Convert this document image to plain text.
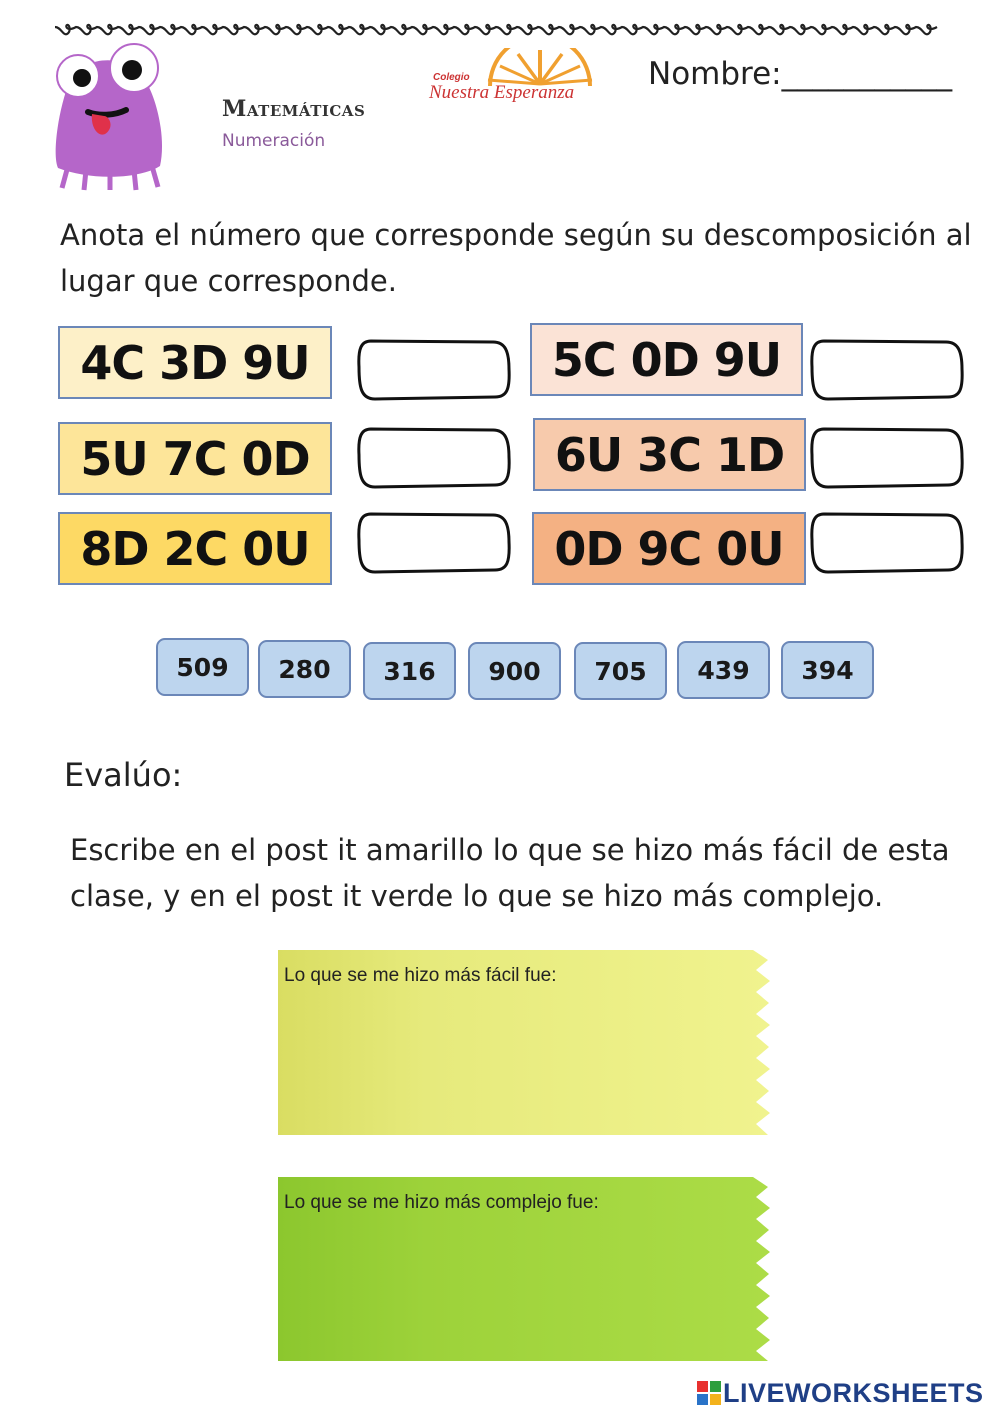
Matemáticas
Numeración
Colegio
Nuestra Esperanza
Nombre:___________
Anota el número que corresponde según su descomposición al lugar que corresponde.
4C 3D 9U	5C 0D 9U
5U 7C 0D	6U 3C 1D
8D 2C 0U	0D 9C 0U
509	280	316	900	705	439	394
Evalúo:
Escribe en el post it amarillo lo que se hizo más fácil de esta clase, y en el post it verde lo que se hizo más complejo.
Lo que se me hizo más fácil fue:
Lo que se me hizo más complejo fue:
LIVEWORKSHEETS
